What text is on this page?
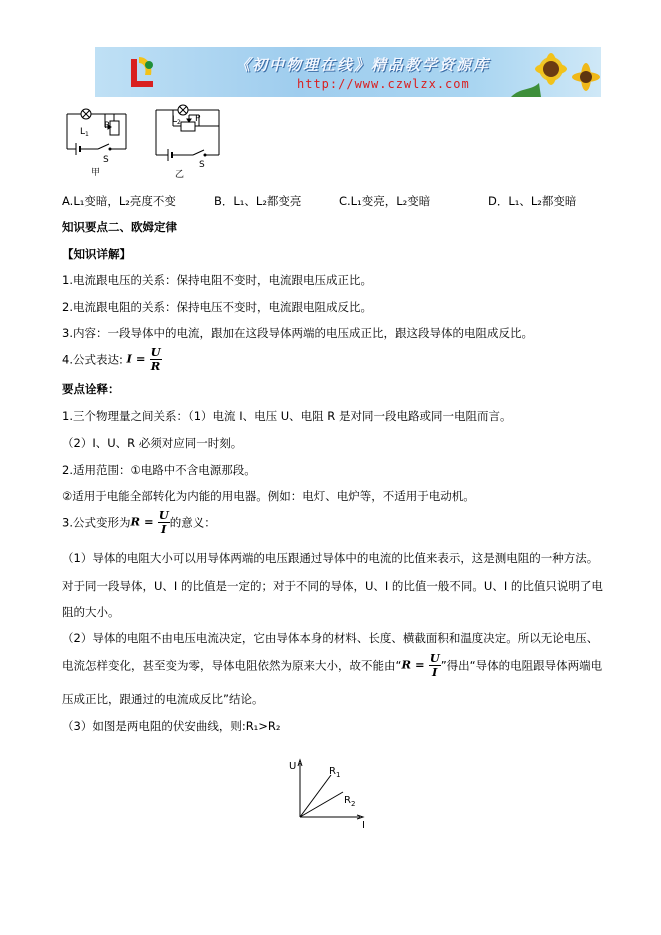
《初中物理在线》精品教学资源库
http://www.czwlzx.com
$L_1$
P
S
甲
$L_2$ P
S
乙
A.L₁变暗，L₂亮度不变	B．L₁、L₂都变亮	C.L₁变亮，L₂变暗	D．L₁、L₂都变暗
知识要点二、欧姆定律
【知识详解】
1.电流跟电压的关系：保持电阻不变时，电流跟电压成正比。
2.电流跟电阻的关系：保持电压不变时，电流跟电阻成反比。
3.内容：一段导体中的电流，跟加在这段导体两端的电压成正比，跟这段导体的电阻成反比。
4.公式表达: $I = \frac{U}{R}$
要点诠释：
1.三个物理量之间关系：（1）电流 I、电压 U、电阻 R 是对同一段电路或同一电阻而言。
（2）I、U、R 必须对应同一时刻。
2.适用范围：①电路中不含电源那段。
②适用于电能全部转化为内能的用电器。例如：电灯、电炉等，不适用于电动机。
3.公式变形为$R = \frac{U}{I}$ 的意义：
（1）导体的电阻大小可以用导体两端的电压跟通过导体中的电流的比值来表示，这是测电阻的一种方法。
对于同一段导体，U、I 的比值是一定的；对于不同的导体，U、I 的比值一般不同。U、I 的比值只说明了电
阻的大小。
（2）导体的电阻不由电压电流决定，它由导体本身的材料、长度、横截面积和温度决定。所以无论电压、
电流怎样变化，甚至变为零，导体电阻依然为原来大小，故不能由“$R = \frac{U}{I}$ ”得出“导体的电阻跟导体两端电
压成正比，跟通过的电流成反比”结论。
（3）如图是两电阻的伏安曲线，则:R₁>R₂
U
I
$R_1$
$R_2$
